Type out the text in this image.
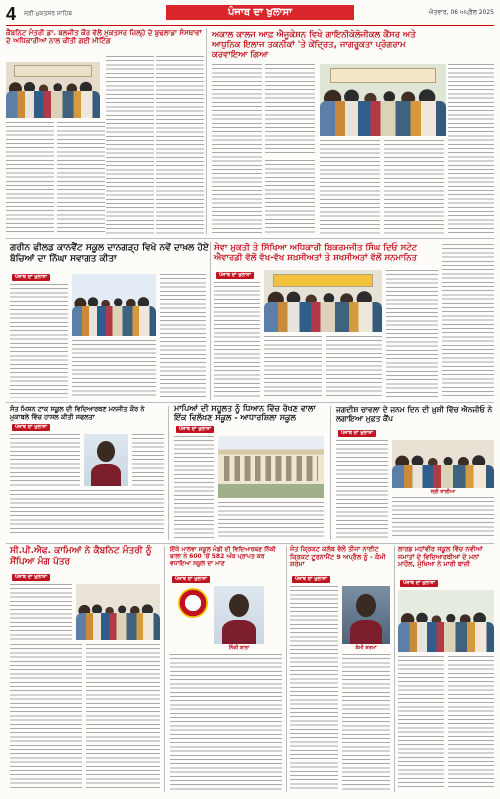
4 ਸ੍ਰੀ ਮੁਕਤਸਰ ਸਾਹਿਬ	ਪੰਜਾਬ ਦਾ ਖੁਲਾਸਾ	ਐਤਵਾਰ, 06 ਅਪ੍ਰੈਲ 2025
ਕੈਬਨਿਟ ਮੰਤਰੀ ਡਾ. ਬਲਜੀਤ ਕੌਰ ਵੱਲੋਂ ਮੁਕਤਸਰ ਜ਼ਿਲ੍ਹੇ ਦੇ ਬੁਢਲਾਡਾ ਸੰਸਥਾਵਾਂ ਦੇ ਅਧਿਕਾਰੀਆਂ ਨਾਲ ਕੀਤੀ ਗਈ ਮੀਟਿੰਗ
ਅਕਾਲ ਕਾਲਜ ਆਫ਼ ਐਜੂਕੇਸ਼ਨ ਵਿਖੇ ਗਾਇਨੀਕੋਲੋਜੀਕਲ ਕੈਂਸਰ ਅਤੇ ਆਧੁਨਿਕ ਇਲਾਜ ਤਕਨੀਕਾਂ 'ਤੇ ਕੇਂਦ੍ਰਿਤ, ਜਾਗਰੂਕਤਾ ਪ੍ਰੋਗਰਾਮ ਕਰਵਾਇਆ ਗਿਆ
ਗਰੀਨ ਫੀਲਡ ਕਾਨਵੈਂਟ ਸਕੂਲ ਦਾਨਗੜ੍ਹ ਵਿਖੇ ਨਵੇਂ ਦਾਖ਼ਲ ਹੋਏ ਬੱਚਿਆਂ ਦਾ ਨਿੱਘਾ ਸਵਾਗਤ ਕੀਤਾ
ਪੰਜਾਬ ਦਾ ਖੁਲਾਸਾ
ਸੇਵਾ ਮੁਕਤੀ ਤੇ ਸਿੱਖਿਆ ਅਧਿਕਾਰੀ ਬਿਕਰਮਜੀਤ ਸਿੰਘ ਦਿਓ ਸਟੇਟ ਐਵਾਰਡੀ ਵੱਲੋਂ ਵੱਖ-ਵੱਖ ਸ਼ਖ਼ਸੀਅਤਾਂ ਤੇ ਸ਼ਖਸੀਅਤਾਂ ਵੱਲੋਂ ਸਨਮਾਨਿਤ
ਪੰਜਾਬ ਦਾ ਖੁਲਾਸਾ
ਸੰਤ ਮਿਸ਼ਨ ਟਾਕ ਸਕੂਲ ਦੀ ਵਿਦਿਆਰਥਣ ਮਨਜੀਤ ਕੌਰ ਨੇ ਮੁਕਾਬਲੇ ਵਿੱਚ ਹਾਸਲ ਕੀਤੀ ਸਫਲਤਾ
ਪੰਜਾਬ ਦਾ ਖੁਲਾਸਾ
ਮਾਪਿਆਂ ਦੀ ਸਹੂਲਤ ਨੂੰ ਧਿਆਨ ਵਿੱਚ ਰੱਖਣ ਵਾਲਾ ਇੱਕ ਵਿਲੱਖਣ ਸਕੂਲ - ਆਧਾਰਸ਼ਿਲਾ ਸਕੂਲ
ਪੰਜਾਬ ਦਾ ਖੁਲਾਸਾ
ਜਗਦੀਸ਼ ਚਾਵਲਾ ਦੇ ਜਨਮ ਦਿਨ ਦੀ ਖ਼ੁਸ਼ੀ ਵਿੱਚ ਐਨਜੀਓ ਨੇ ਲਗਾਇਆ ਮੁਫ਼ਤ ਕੈਂਪ
ਪੰਜਾਬ ਦਾ ਖੁਲਾਸਾ
ਸ੍ਰੀ ਸਾਲੀਆ
ਸੀ.ਪੀ.ਐਫ. ਕਾਮਿਆਂ ਨੇ ਕੈਬਨਿਟ ਮੰਤਰੀ ਨੂੰ ਸੌਂਪਿਆ ਮੰਗ ਪੱਤਰ
ਪੰਜਾਬ ਦਾ ਖੁਲਾਸਾ
ਇੱਕੋ ਮਾਲਵਾ ਸਕੂਲ ਮੰਡੀ ਦੀ ਵਿਦਿਆਰਥਣ ਨਿੱਕੀ ਬਾਲਾ ਨੇ 600 'ਚੋਂ 582 ਅੰਕ ਪ੍ਰਾਪਤ ਕਰ ਵਧਾਇਆ ਸਕੂਲ ਦਾ ਮਾਣ
ਪੰਜਾਬ ਦਾ ਖੁਲਾਸਾ
ਨਿੱਕੀ ਬਾਲਾ
ਜੋਤ ਕ੍ਰਿਕਟ ਕਲੱਬ ਵੱਲੋਂ ਤੀਜਾ ਨਾਈਟ ਕ੍ਰਿਕਟ ਟੂਰਨਾਮੈਂਟ 9 ਅਪ੍ਰੈਲ ਨੂੰ - ਕੰਮੀ ਸ਼ਰਮਾ
ਪੰਜਾਬ ਦਾ ਖੁਲਾਸਾ
ਕੰਮੀ ਸ਼ਰਮਾ
ਲਾਰਡ ਮਹਾਂਵੀਰ ਸਕੂਲ ਵਿੱਚ ਨਵੀਆਂ ਜਮਾਤਾਂ ਦੇ ਵਿਦਿਆਰਥੀਆਂ ਦੇ ਮਨਾਂ ਮਾਹੌਲ, ਮੁੱਖਿਆ ਨੇ ਮਾਰੀ ਬਾਜ਼ੀ
ਪੰਜਾਬ ਦਾ ਖੁਲਾਸਾ
